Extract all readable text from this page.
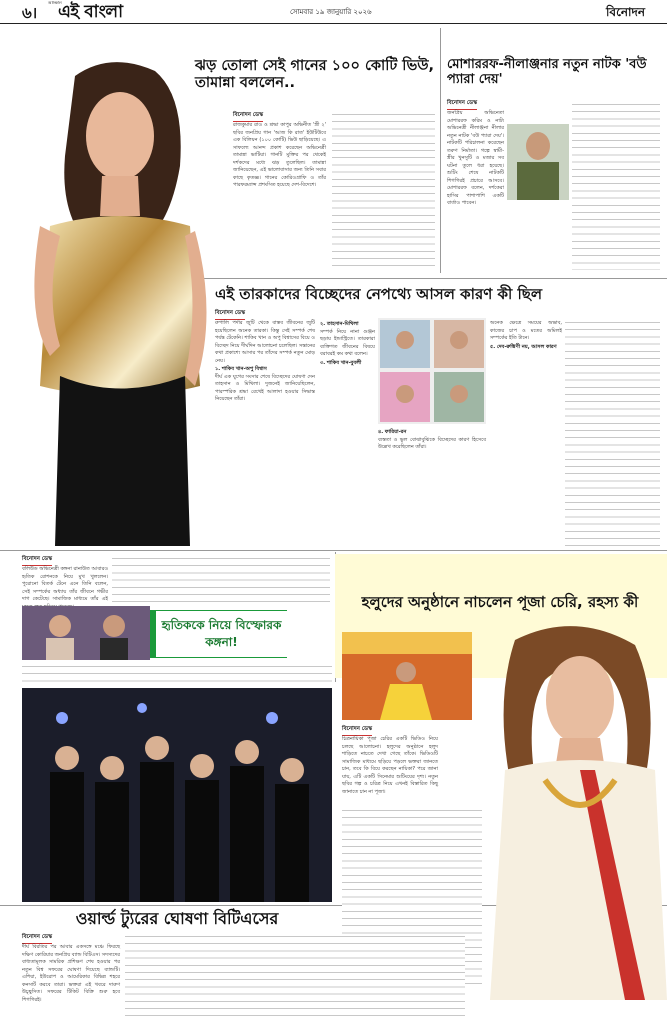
৬।
আজকাল
এই বাংলা	সোমবার ১৯ জানুয়ারি ২০২৬	বিনোদন
ঝড় তোলা সেই গানের ১০০ কোটি ভিউ, তামান্না বললেন..
বিনোদন ডেস্ক
রাজকুমার রাও ও শ্রদ্ধা কাপুর অভিনীত 'স্ত্রী ২' ছবির জনপ্রিয় গান 'আজ কি রাত' ইউটিউবে এক বিলিয়ন (১০০ কোটি) ভিউ ছাড়িয়েছে। এ সাফল্যে আনন্দ প্রকাশ করেছেন অভিনেত্রী তামান্না ভাটিয়া। গানটি মুক্তির পর থেকেই দর্শকদের মধ্যে ঝড় তুলেছিল। তামান্না জানিয়েছেন, এই ভালোবাসার জন্য তিনি সবার কাছে কৃতজ্ঞ। গানের কোরিওগ্রাফি ও তাঁর পারফরম্যান্স প্রশংসিত হয়েছে দেশ-বিদেশে।
মোশাররফ-নীলাঞ্জনার নতুন নাটক 'বউ প্যারা দেয়'
বিনোদন ডেস্ক
জনপ্রিয় অভিনেতা মোশাররফ করিম ও নাট্য অভিনেত্রী নীলাঞ্জনা নীলার নতুন নাটক 'বউ প্যারা দেয়'। নাটকটি পরিচালনা করেছেন তরুণ নির্মাতা। গল্পে স্বামী-স্ত্রীর খুনসুটি ও মজার সব ঘটনা তুলে ধরা হয়েছে। শুটিং শেষে নাটকটি শিগগিরই প্রচারে আসবে। মোশাররফ বলেন, দর্শকেরা হাসির পাশাপাশি একটি বার্তাও পাবেন।
এই তারকাদের বিচ্ছেদের নেপথ্যে আসল কারণ কী ছিল
বিনোদন ডেস্ক
রুপালি পর্দার জুটি থেকে বাস্তব জীবনের জুটি হয়েছিলেন অনেক তারকা। কিন্তু সেই সম্পর্ক শেষ পর্যন্ত টেকেনি। শাকিব খান ও অপু বিশ্বাসের বিয়ে ও বিচ্ছেদ নিয়ে দীর্ঘদিন আলোচনা চলেছিল। সন্তানের কথা প্রকাশ্যে আসার পর তাঁদের সম্পর্ক নতুন মোড় নেয়।
১. শাকিব খান-অপু বিশ্বাস
দীর্ঘ এক যুগের সংসার শেষে বিচ্ছেদের ঘোষণা দেন তাহসান ও মিথিলা। দুজনেই জানিয়েছিলেন, পারস্পরিক শ্রদ্ধা রেখেই আলাদা হওয়ার সিদ্ধান্ত নিয়েছেন তাঁরা।
২. তাহসান-মিথিলা
সম্পর্ক নিয়ে নানা গুঞ্জন ছড়ায় ইন্ডাস্ট্রিতে। তারকারা ব্যক্তিগত জীবনের বিষয়ে বরাবরই কম কথা বলেন।
৩. শাকিব খান-বুবলী
৪. ফারিয়া-রন
ব্যস্ততা ও ভুল বোঝাবুঝিকে বিচ্ছেদের কারণ হিসেবে উল্লেখ করেছিলেন তাঁরা।
অনেক ক্ষেত্রে সময়ের অভাব, কাজের চাপ ও মতের অমিলই সম্পর্কের ইতি টানে।
৫. দেব-রুক্মিণী নয়, আসল কারণ
বিনোদন ডেস্ক
বলিউড অভিনেত্রী কঙ্গনা রানাউত আবারও হৃতিক রোশনকে নিয়ে মুখ খুললেন। পুরোনো বিতর্ক টেনে এনে তিনি বলেন, সেই সম্পর্কের অধ্যায় তাঁর জীবনে গভীর দাগ কেটেছে। সামাজিক মাধ্যমে তাঁর এই
হৃতিককে নিয়ে বিস্ফোরক কঙ্গনা!
হলুদের অনুষ্ঠানে নাচলেন পূজা চেরি, রহস্য কী
বিনোদন ডেস্ক
চিত্রনায়িকা পূজা চেরির একটি ভিডিও নিয়ে চলছে আলোচনা। হলুদের অনুষ্ঠানে হলুদ শাড়িতে নাচতে দেখা গেছে তাঁকে। ভিডিওটি সামাজিক মাধ্যমে ছড়িয়ে পড়লে ভক্তরা জানতে চান, তবে কি বিয়ে করছেন নায়িকা? পরে জানা যায়, এটি একটি সিনেমার শুটিংয়ের দৃশ্য। নতুন ছবির গল্প ও চরিত্র নিয়ে এখনই বিস্তারিত কিছু জানাতে চান না পূজা।
ওয়ার্ল্ড ট্যুরের ঘোষণা বিটিএসের
বিনোদন ডেস্ক
দীর্ঘ বিরতির পর আবার একসঙ্গে মঞ্চে ফিরছে দক্ষিণ কোরিয়ার জনপ্রিয় ব্যান্ড বিটিএস। সদস্যদের বাধ্যতামূলক সামরিক প্রশিক্ষণ শেষ হওয়ার পর নতুন বিশ্ব সফরের ঘোষণা দিয়েছে ব্যান্ডটি। এশিয়া, ইউরোপ ও আমেরিকার বিভিন্ন শহরে কনসার্ট করবে তারা। ভক্তরা এই খবরে দারুণ উচ্ছ্বসিত। সফরের টিকিট বিক্রি শুরু হবে শিগগিরই।
